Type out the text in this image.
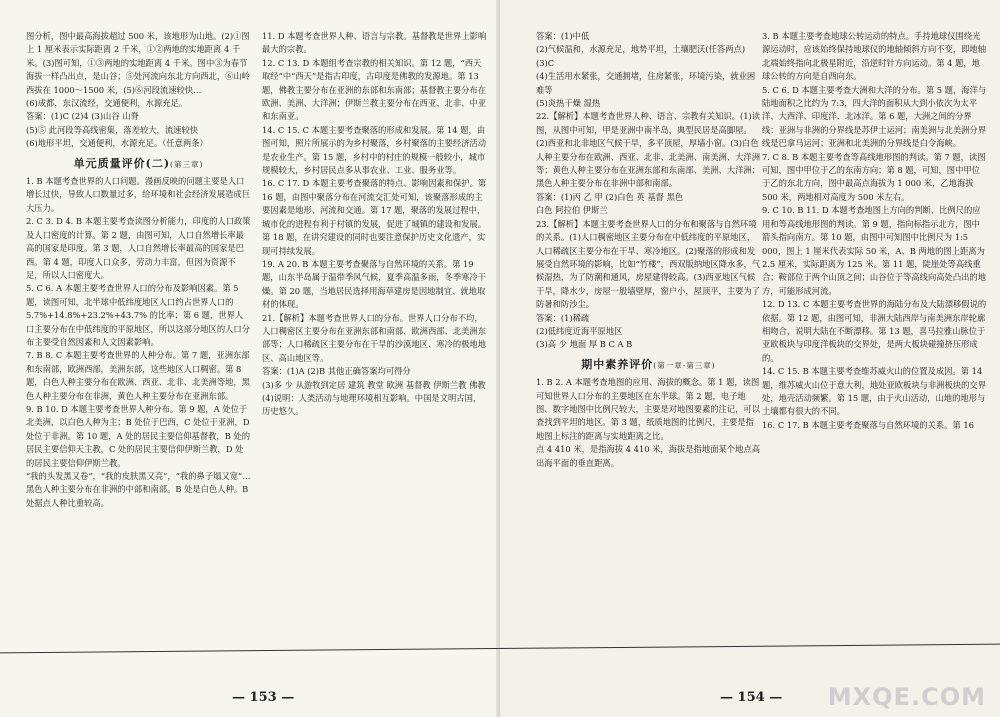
图分析，图中最高海拔超过 500 米，该地形为山地。(2)①图上 1 厘米表示实际距离 2 千米，①②两地的实地距离 4 千米。(3)图可知，①③两地的实地距离 4 千米。图中③为春节海拔一样凸出点，是山谷；⑤处河流向东北方向西北，⑥山岭西拔在 1000～1500 米，(5)⑥河段流速较快…

(6)成都，东汉流经，交通便利，水源充足。

答案：(1)C (2)4 (3)山谷 山脊

(5)⑤ 此河段等高线密集，落差较大，流速较快

(6)地形平坦，交通便利，水源充足。（任意两条）

单元质量评价(二)(第三章)

1. B 本题考查世界的人口问题。漫画反映的问题主要是人口增长过快，导致人口数量过多，给环境和社会经济发展造成巨大压力。

2. C 3. D 4. B 本题主要考查读图分析能力，印度的人口政策及人口密度的计算。第 2 题，由图可知，人口自然增长率最高的国家是印度。第 3 题，人口自然增长率最高的国家是巴西。第 4 题，印度人口众多，劳动力丰富，但因为资源不足，所以人口密度大。

5. C 6. A 本题主要考查世界人口的分布及影响因素。第 5 题，读图可知，北半球中低纬度地区人口约占世界人口的 5.7%+14.8%+23.2%+43.7% 的比率；第 6 题，世界人口主要分布在中低纬度的平原地区，所以这部分地区的人口分布主要受自然因素和人文因素影响。

7. B 8. C 本题主要考查世界的人种分布。第 7 题，亚洲东部和东南部，欧洲西部，美洲东部，这些地区人口稠密。第 8 题，白色人种主要分布在欧洲、西亚、北非、北美洲等地，黑色人种主要分布在非洲，黄色人种主要分布在亚洲东部。

9. B 10. D 本题主要考查世界人种分布。第 9 题，A 处位于北美洲，以白色人种为主；B 处位于巴西，C 处位于亚洲，D 处位于非洲。第 10 题，A 处的居民主要信仰基督教，B 处的居民主要信仰天主教，C 处的居民主要信仰伊斯兰教，D 处的居民主要信仰伊斯兰教。

“我的头发黑又卷”，“我的皮肤黑又亮”，“我的鼻子塌又宽”…黑色人种主要分布在非洲的中部和南部。B 处是白色人种。B 处据点人种比重较高。

11. D 本题考查世界人种、语言与宗教。基督教是世界上影响最大的宗教。

12. C 13. D 本题组考查宗教的相关知识。第 12 题，“西天取经”中“西天”是指古印度，古印度是佛教的发源地。第 13 题，佛教主要分布在亚洲的东部和东南部；基督教主要分布在欧洲、美洲、大洋洲；伊斯兰教主要分布在西亚、北非、中亚和东南亚。

14. C 15. C 本题主要考查聚落的形成和发展。第 14 题，由图可知，照片所展示的为乡村聚落，乡村聚落的主要经济活动是农业生产。第 15 题，乡村中的村庄的规模一般较小，城市规模较大，乡村居民点多从事农业、工业、服务业等。

16. C 17. D 本题主要考查聚落的特点、影响因素和保护。第 16 题，由图中聚落分布在河流交汇处可知，该聚落形成的主要因素是地形、河流和交通。第 17 题，聚落的发展过程中，城市化的进程有利于村镇的发展，促进了城镇的建设和发展。第 18 题，在讲究建设的同时也要注意保护历史文化遗产，实现可持续发展。

19. A 20. B 本题主要考查聚落与自然环境的关系。第 19 题，山东半岛属于温带季风气候，夏季高温多雨，冬季寒冷干燥。第 20 题，当地居民选择用海草建房是因地制宜、就地取材的体现。

21.【解析】本题考查世界人口的分布。世界人口分布不均，人口稠密区主要分布在亚洲东部和南部、欧洲西部、北美洲东部等；人口稀疏区主要分布在干旱的沙漠地区、寒冷的极地地区、高山地区等。

答案：(1)A (2)B 其他正确答案均可得分

(3)多 少 从游牧到定居 建筑 教堂 欧洲 基督教 伊斯兰教 佛教

(4)说明：人类活动与地理环境相互影响。中国是文明古国，历史悠久。

— 153 —

答案：(1)中低

(2)气候温和，水源充足，地势平坦，土壤肥沃(任答两点)

(3)C

(4)生活用水紧张，交通拥堵，住房紧张，环境污染，就业困难等

(5)炎热干燥 湿热

22.【解析】本题考查世界人种、语言、宗教有关知识。(1)读图，从图中可知，甲是亚洲中南半岛，典型民居是高脚屋。(2)西亚和北非地区气候干旱，多平顶屋，厚墙小窗。(3)白色人种主要分布在欧洲、西亚、北非、北美洲、南美洲、大洋洲等；黄色人种主要分布在亚洲东部和东南部、美洲、大洋洲；黑色人种主要分布在非洲中部和南部。

答案：(1)丙 乙 甲 (2)白色 英 基督 黑色

白色 阿拉伯 伊斯兰

23.【解析】本题主要考查世界人口的分布和聚落与自然环境的关系。(1)人口稠密地区主要分布在中低纬度的平原地区，人口稀疏区主要分布在干旱、寒冷地区。(2)聚落的形成和发展受自然环境的影响，比如“竹楼”，西双版纳地区降水多，气候湿热，为了防潮和通风，房屋建得较高。(3)西亚地区气候干旱，降水少，房屋一般墙壁厚，窗户小，屋顶平，主要为了防暑和防沙尘。

答案：(1)稀疏

(2)低纬度近海平原地区

(3)高 少 地面 厚 B C A B

期中素养评价(第一章-第三章)

1. B 2. A 本题考查地图的应用、海拔的概念。第 1 题，读图可知世界人口分布的主要地区在东半球。第 2 题，电子地图、数字地图中比例尺较大，主要是对地图要素的注记，可以查找到平坦的地区。第 3 题，纸质地图的比例尺，主要是指地图上标注的距离与实地距离之比。

点 4 410 米，是指海拔 4 410 米，海拔是指地面某个地点高出海平面的垂直距离。

3. B 本题主要考查地球公转运动的特点。手持地球仪围绕光源运动时，应该始终保持地球仪的地轴倾斜方向不变，即地轴北端始终指向北极星附近，沿逆时针方向运动。第 4 题，地球公转的方向是自西向东。

5. C 6. D 本题主要考查大洲和大洋的分布。第 5 题，海洋与陆地面积之比约为 7:3，四大洋的面积从大到小依次为太平洋、大西洋、印度洋、北冰洋。第 6 题，大洲之间的分界线：亚洲与非洲的分界线是苏伊士运河；南美洲与北美洲分界线是巴拿马运河；亚洲和北美洲的分界线是白令海峡。

7. C 8. B 本题主要考查等高线地形图的判读。第 7 题，读图可知，图中甲位于乙的东南方向；第 8 题，可知，图中甲位于乙的东北方向，图中最高点海拔为 1 000 米，乙地海拔 500 米，两地相对高度为 500 米左右。

9. C 10. B 11. D 本题考查地图上方向的判断、比例尺的应用和等高线地形图的判读。第 9 题，指向标指示北方，图中箭头指向南方。第 10 题，由图中可知图中比例尺为 1:5 000，图上 1 厘米代表实际 50 米，A、B 两地的图上距离为 2.5 厘米，实际距离为 125 米。第 11 题，陡崖处等高线重合；鞍部位于两个山顶之间；山谷位于等高线向高处凸出的地方，可能形成河流。

12. D 13. C 本题主要考查世界的海陆分布及大陆漂移假说的依据。第 12 题，由图可知，非洲大陆西岸与南美洲东岸轮廓相吻合，说明大陆在不断漂移。第 13 题，喜马拉雅山脉位于亚欧板块与印度洋板块的交界处，是两大板块碰撞挤压形成的。

14. C 15. B 本题主要考查维苏威火山的位置及成因。第 14 题，维苏威火山位于意大利，地处亚欧板块与非洲板块的交界处，地壳活动频繁。第 15 题，由于火山活动，山地的地形与土壤都有很大的不同。

16. C 17. B 本题主要考查聚落与自然环境的关系。第 16

— 154 — MXQE.COM
